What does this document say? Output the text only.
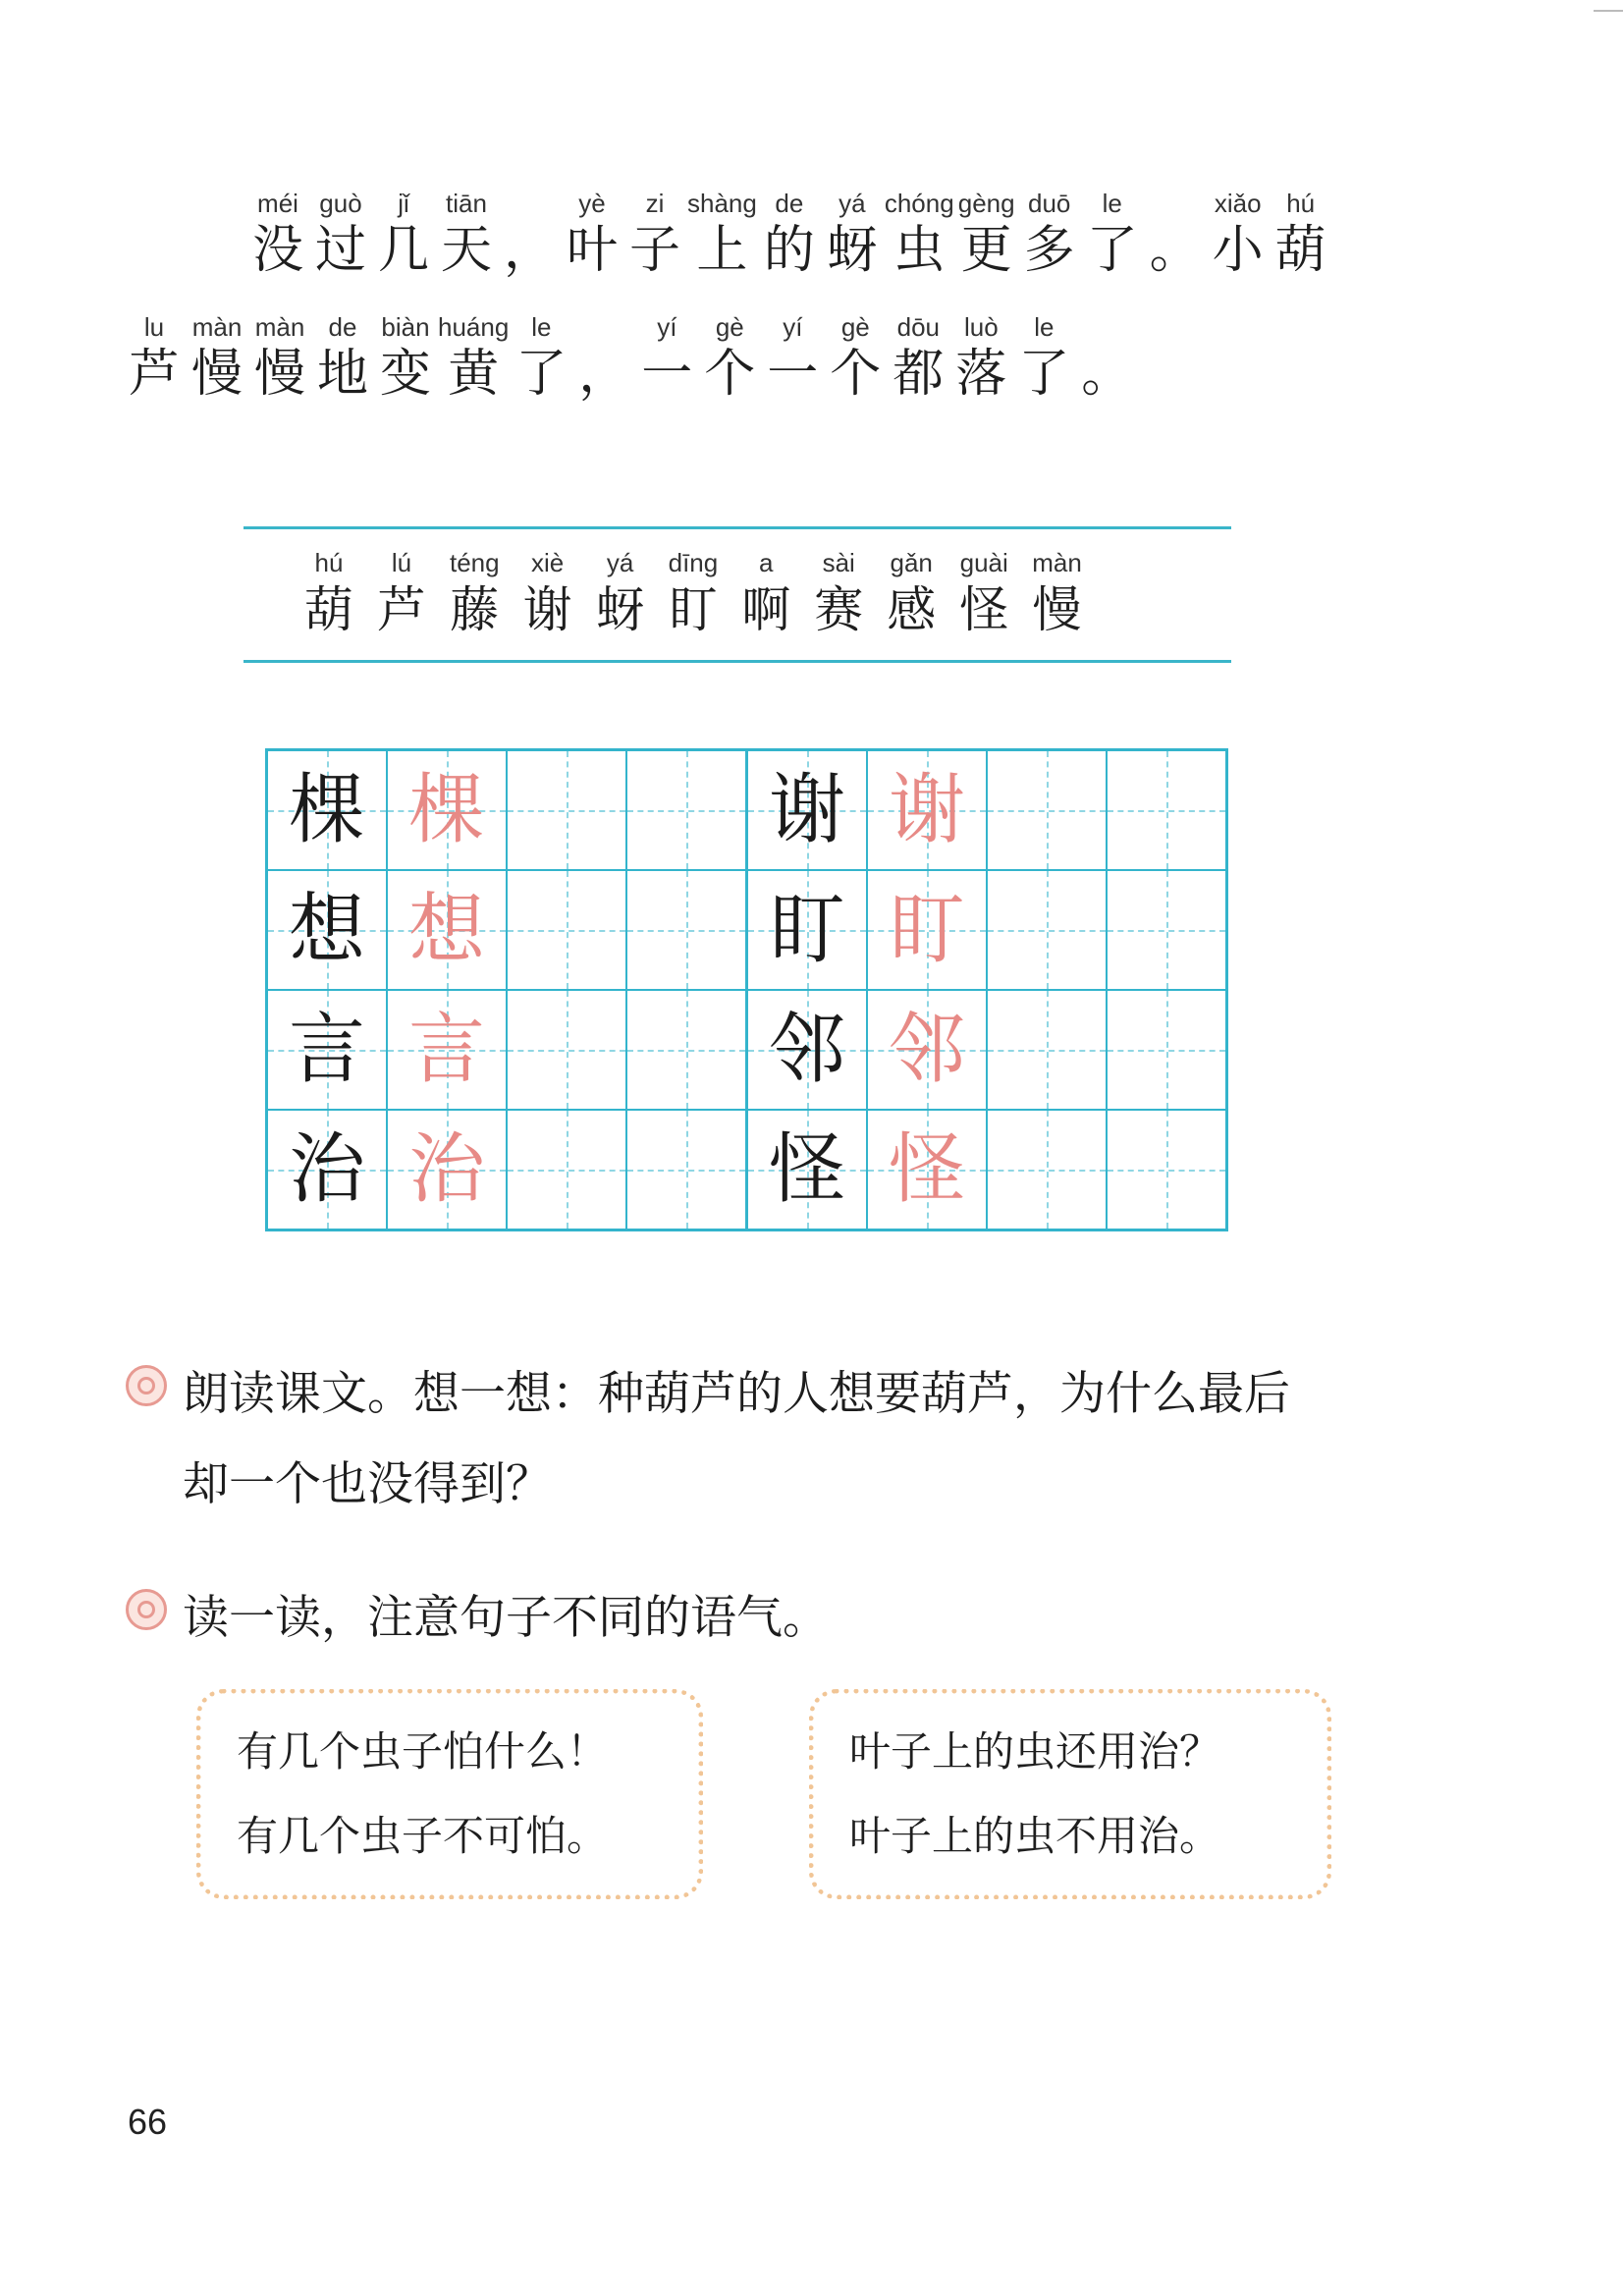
méi
没
guò
过
jǐ
几
tiān
天 ，
yè
叶
zi
子
shàng
上
de
的
yá
蚜
chóng
虫
gèng
更
duō
多
le
了 。
xiǎo
小
hú
葫
lu
芦
màn
慢
màn
慢
de
地
biàn
变
huáng
黄
le
了 ，
yí
一
gè
个
yí
一
gè
个
dōu
都
luò
落
le
了 。
hú
葫
lú
芦
téng
藤
xiè
谢
yá
蚜
dīng
盯
a
啊
sài
赛
gǎn
感
guài
怪
màn
慢
棵	棵			谢	谢	

想	想			盯	盯	

言	言			邻	邻	

治	治			怪	怪	

朗读课文。想一想：种葫芦的人想要葫芦，为什么最后
却一个也没得到？
读一读，注意句子不同的语气。
有几个虫子怕什么！
有几个虫子不可怕。
叶子上的虫还用治？
叶子上的虫不用治。
66
